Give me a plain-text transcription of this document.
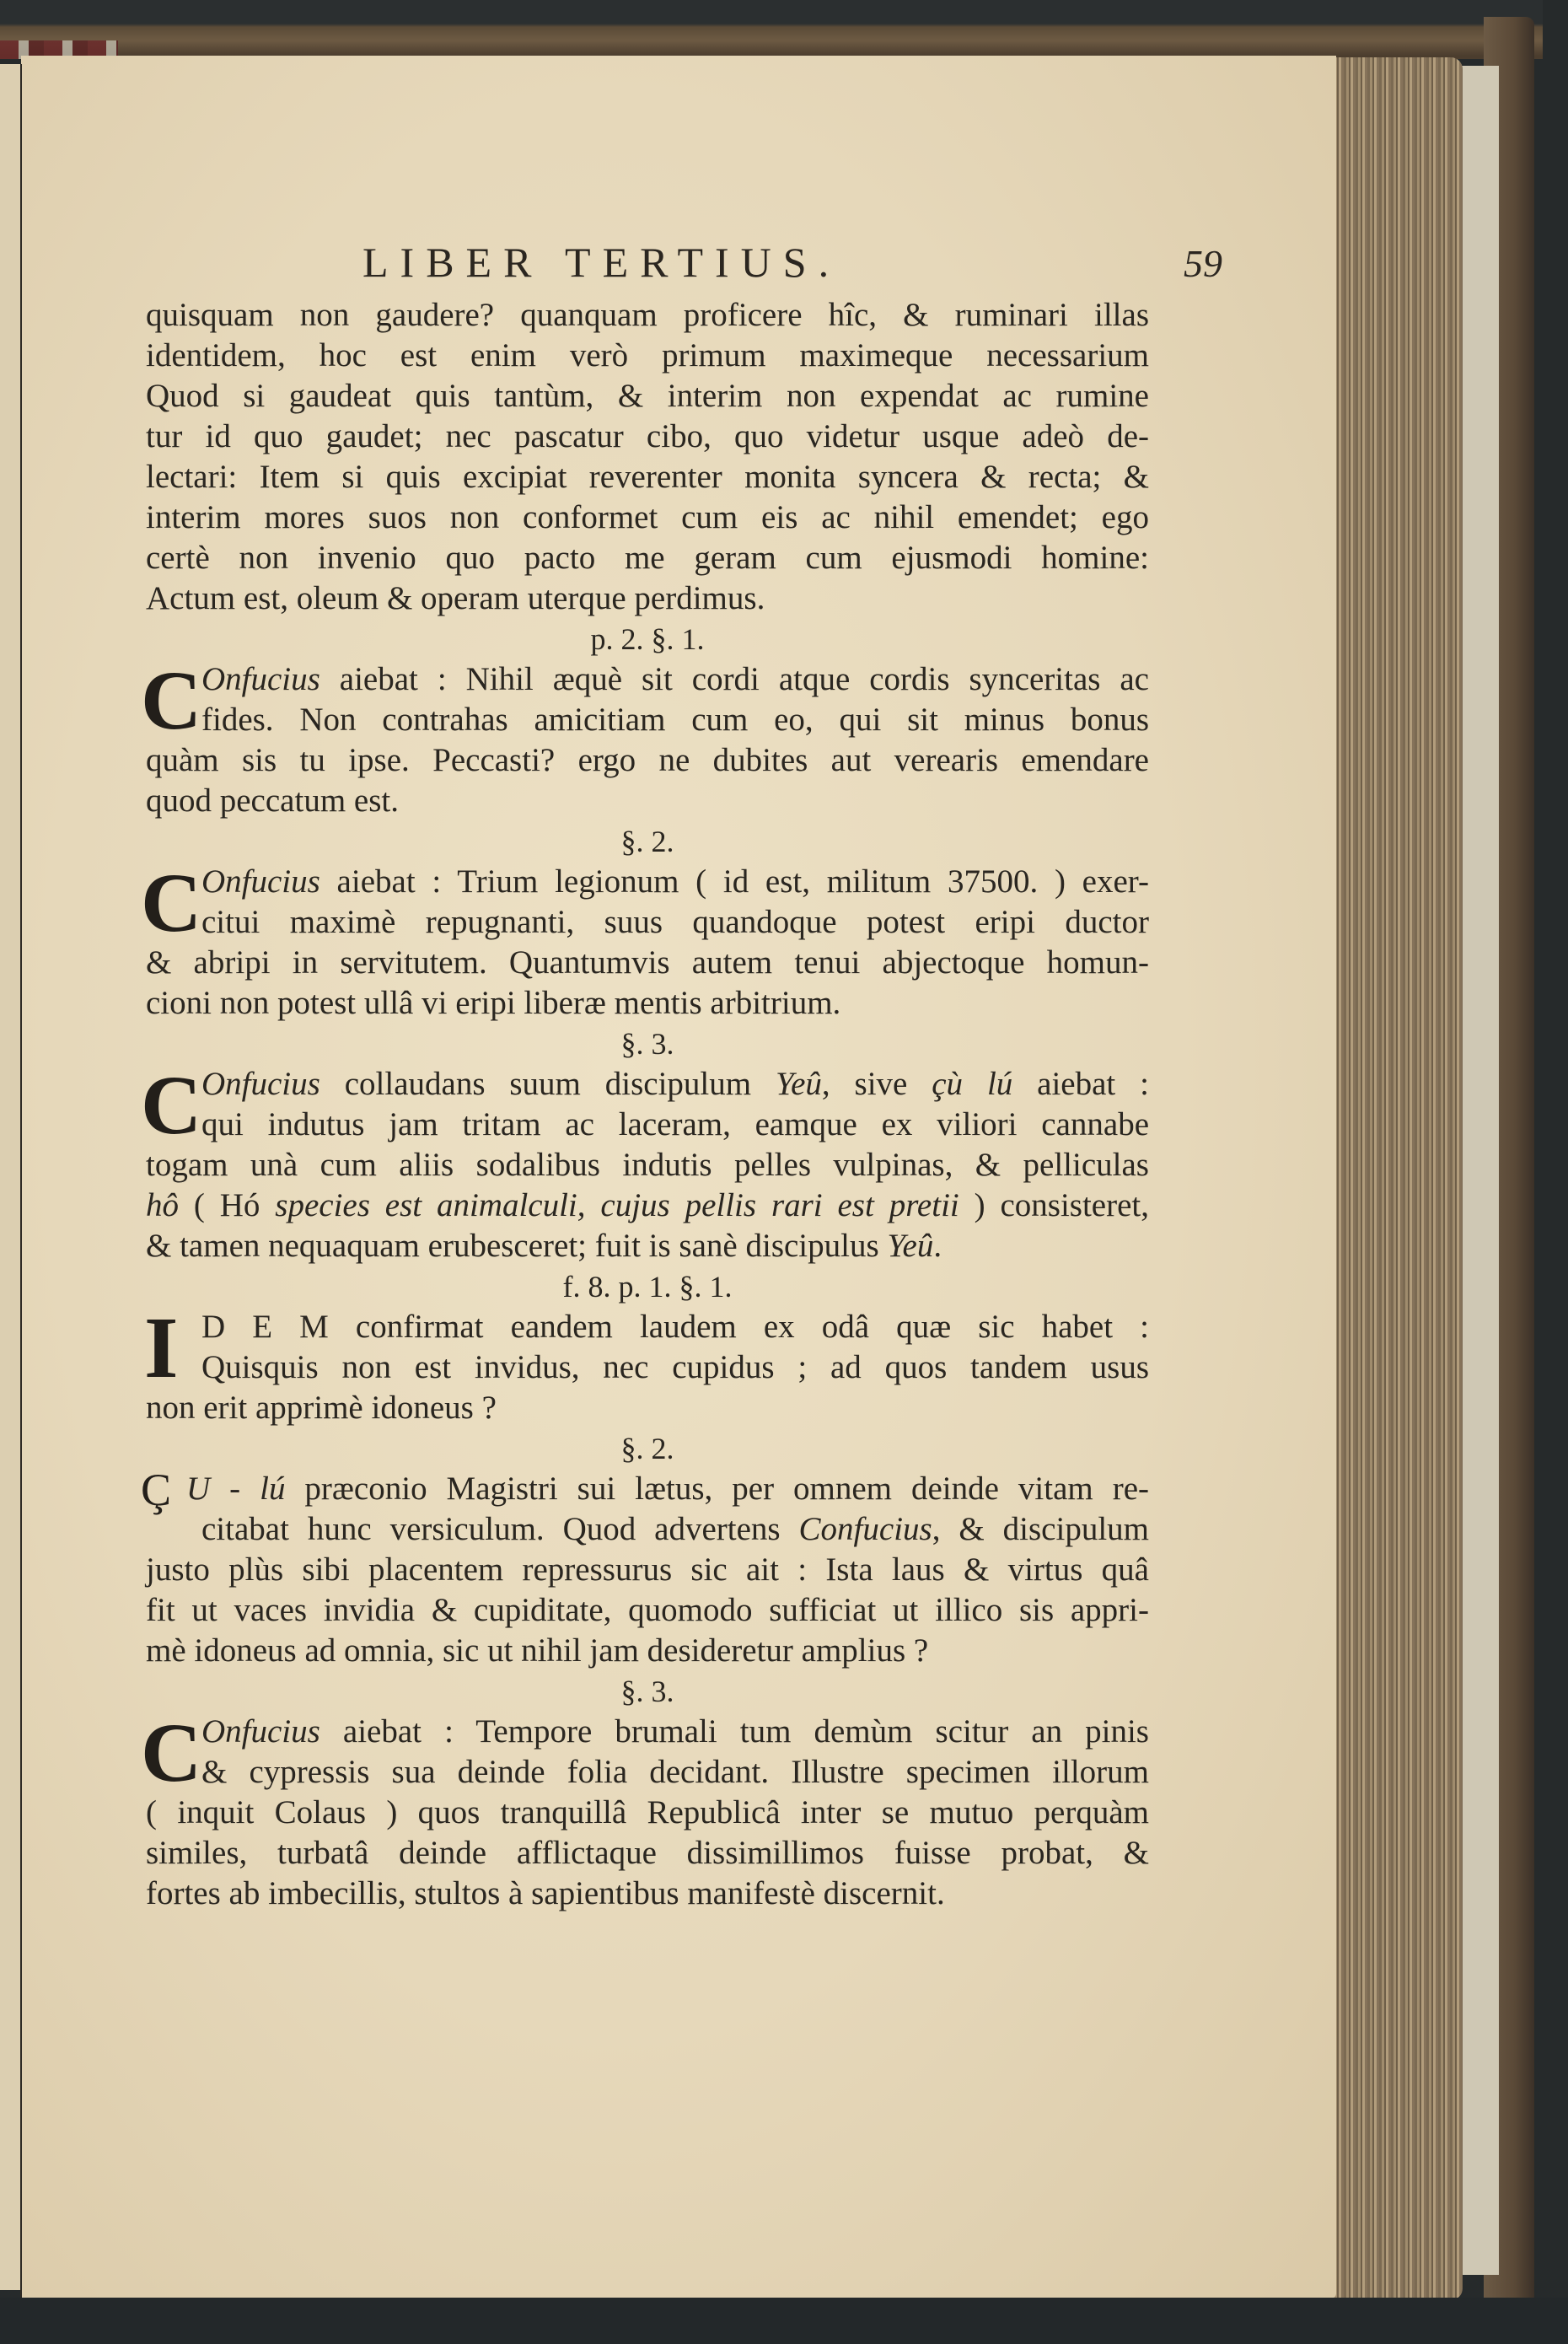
LIBER TERTIUS.	59
quisquam non gaudere? quanquam proficere hîc, & ruminari illas
identidem, hoc est enim verò primum maximeque necessarium
Quod si gaudeat quis tantùm, & interim non expendat ac rumine
tur id quo gaudet; nec pascatur cibo, quo videtur usque adeò de-
lectari: Item si quis excipiat reverenter monita syncera & recta; &
interim mores suos non conformet cum eis ac nihil emendet; ego
certè non invenio quo pacto me geram cum ejusmodi homine:
Actum est, oleum & operam uterque perdimus.
p. 2. §. 1.
C Onfucius aiebat : Nihil æquè sit cordi atque cordis synceritas ac
fides. Non contrahas amicitiam cum eo, qui sit minus bonus
quàm sis tu ipse. Peccasti? ergo ne dubites aut verearis emendare
quod peccatum est.
§. 2.
C Onfucius aiebat : Trium legionum ( id est, militum 37500. ) exer-
citui maximè repugnanti, suus quandoque potest eripi ductor
& abripi in servitutem. Quantumvis autem tenui abjectoque homun-
cioni non potest ullâ vi eripi liberæ mentis arbitrium.
§. 3.
C Onfucius collaudans suum discipulum Yeû, sive çù lú aiebat :
qui indutus jam tritam ac laceram, eamque ex viliori cannabe
togam unà cum aliis sodalibus indutis pelles vulpinas, & pelliculas
hô ( Hó species est animalculi, cujus pellis rari est pretii ) consisteret,
& tamen nequaquam erubesceret; fuit is sanè discipulus Yeû.
f. 8. p. 1. §. 1.
I D E M confirmat eandem laudem ex odâ quæ sic habet :
Quisquis non est invidus, nec cupidus ; ad quos tandem usus
non erit apprimè idoneus ?
§. 2.
Ç U - lú præconio Magistri sui lætus, per omnem deinde vitam re-
citabat hunc versiculum. Quod advertens Confucius, & discipulum
justo plùs sibi placentem repressurus sic ait : Ista laus & virtus quâ
fit ut vaces invidia & cupiditate, quomodo sufficiat ut illico sis appri-
mè idoneus ad omnia, sic ut nihil jam desideretur amplius ?
§. 3.
C Onfucius aiebat : Tempore brumali tum demùm scitur an pinis
& cypressis sua deinde folia decidant. Illustre specimen illorum
( inquit Colaus ) quos tranquillâ Republicâ inter se mutuo perquàm
similes, turbatâ deinde afflictaque dissimillimos fuisse probat, &
fortes ab imbecillis, stultos à sapientibus manifestè discernit.
